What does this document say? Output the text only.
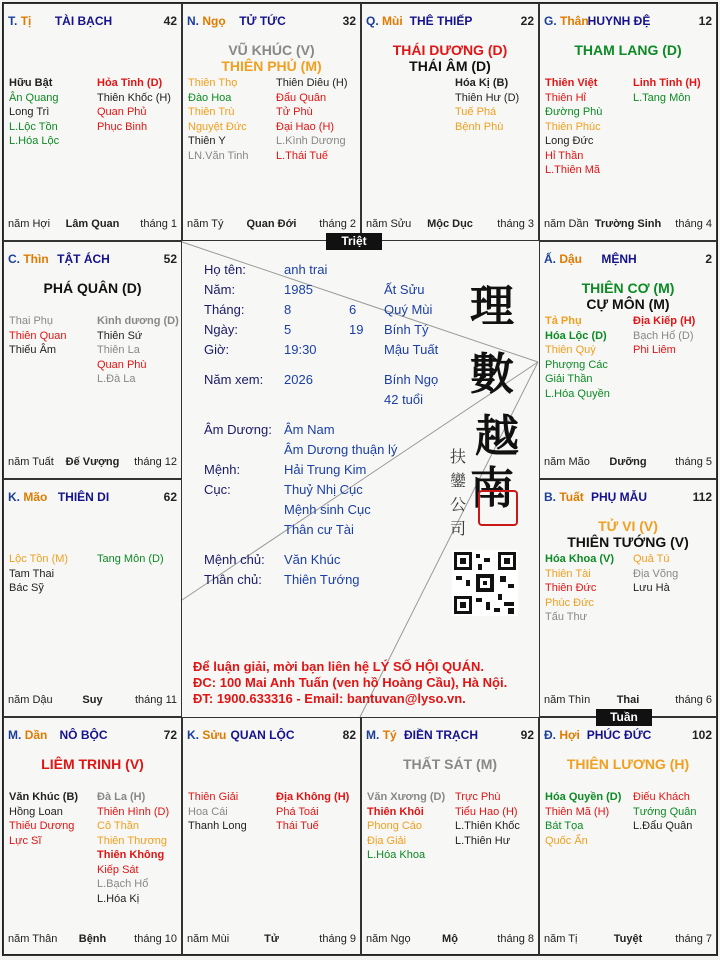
T. Tị	TÀI BẠCH	42
Hữu Bật
Ân Quang
Long Trì
L.Lộc Tồn
L.Hóa Lộc
Hỏa Tinh (D)
Thiên Khốc (H)
Quan Phủ
Phục Binh
năm Hợi	Lâm Quan	tháng 1
N. Ngọ	TỬ TỨC	32
VŨ KHÚC (V)
THIÊN PHỦ (M)
Thiên Thọ
Đào Hoa
Thiên Trù
Nguyệt Đức
Thiên Y
LN.Văn Tinh
Thiên Diêu (H)
Đẩu Quân
Tử Phù
Đại Hao (H)
L.Kình Dương
L.Thái Tuế
năm Tý	Quan Đới	tháng 2
Q. Mùi THÊ THIẾP	22
THÁI DƯƠNG (D)
THÁI ÂM (D)
Hóa Kị (B)
Thiên Hư (D)
Tuế Phá
Bệnh Phù
năm Sửu	Mộc Dục	tháng 3
G. Thân
HUYNH ĐỆ	12
THAM LANG (D)
Thiên Việt
Thiên Hỉ
Đường Phù
Thiên Phúc
Long Đức
Hỉ Thần
L.Thiên Mã
Linh Tinh (H)
L.Tang Môn
năm Dần Trường Sinh	tháng 4
C. Thìn TẬT ÁCH	52
PHÁ QUÂN (D)
Thai Phụ
Thiên Quan
Thiếu Âm
Kình dương (D)
Thiên Sứ
Thiên La
Quan Phù
L.Đà La
năm Tuất	Đế Vượng	tháng 12
Ấ. Dậu	MỆNH	2
THIÊN CƠ (M)
CỰ MÔN (M)
Tả Phụ
Hóa Lộc (D)
Thiên Quý
Phượng Các
Giải Thần
L.Hóa Quyền
Địa Kiếp (H)
Bạch Hổ (D)
Phi Liêm
năm Mão	Dưỡng	tháng 5
K. Mão THIÊN DI	62
Lộc Tồn (M)
Tam Thai
Bác Sỹ
Tang Môn (D)
năm Dậu	Suy	tháng 11
B. Tuất PHỤ MẪU	112
TỬ VI (V)
THIÊN TƯỚNG (V)
Hóa Khoa (V)
Thiên Tài
Thiên Đức
Phúc Đức
Tấu Thư
Quả Tú
Địa Võng
Lưu Hà
năm Thìn	Thai	tháng 6
M. Dần	NÔ BỘC	72
LIÊM TRINH (V)
Văn Khúc (B)
Hồng Loan
Thiếu Dương
Lực Sĩ
Đà La (H)
Thiên Hình (D)
Cô Thần
Thiên Thương
Thiên Không
Kiếp Sát
L.Bạch Hổ
L.Hóa Kị
năm Thân	Bệnh	tháng 10
K. Sửu QUAN LỘC	82
Thiên Giải
Hoa Cái
Thanh Long
Địa Không (H)
Phá Toái
Thái Tuế
năm Mùi	Tử	tháng 9
M. Tý ĐIỀN TRẠCH	92
THẤT SÁT (M)
Văn Xương (D)
Thiên Khôi
Phong Cáo
Địa Giải
L.Hóa Khoa
Trực Phù
Tiểu Hao (H)
L.Thiên Khốc
L.Thiên Hư
năm Ngọ	Mộ	tháng 8
Đ. Hợi PHÚC ĐỨC	102
THIÊN LƯƠNG (H)
Hóa Quyền (D)
Thiên Mã (H)
Bát Tọa
Quốc Ấn
Điếu Khách
Tướng Quân
L.Đẩu Quân
năm Tị	Tuyệt	tháng 7
Họ tên:	anh trai
Năm:	1985	Ất Sửu
Tháng:	8	6 Quý Mùi
Ngày:	5	19 Bính Tý
Giờ:	19:30	Mậu Tuất
Năm xem: 2026	Bính Ngọ
42 tuổi
Âm Dương: Âm Nam
Âm Dương thuận lý
Mệnh:	Hải Trung Kim
Cục:	Thuỷ Nhị Cục
Mệnh sinh Cục
Thân cư Tài
Mệnh chủ: Văn Khúc
Thân chủ: Thiên Tướng
理
數
越
南
扶
鑾
公
司
Để luận giải, mời bạn liên hệ LÝ SỐ HỘI QUÁN.
ĐC: 100 Mai Anh Tuấn (ven hồ Hoàng Cầu), Hà Nội.
ĐT: 1900.633316 - Email: bantuvan@lyso.vn.
Triệt
Tuần
